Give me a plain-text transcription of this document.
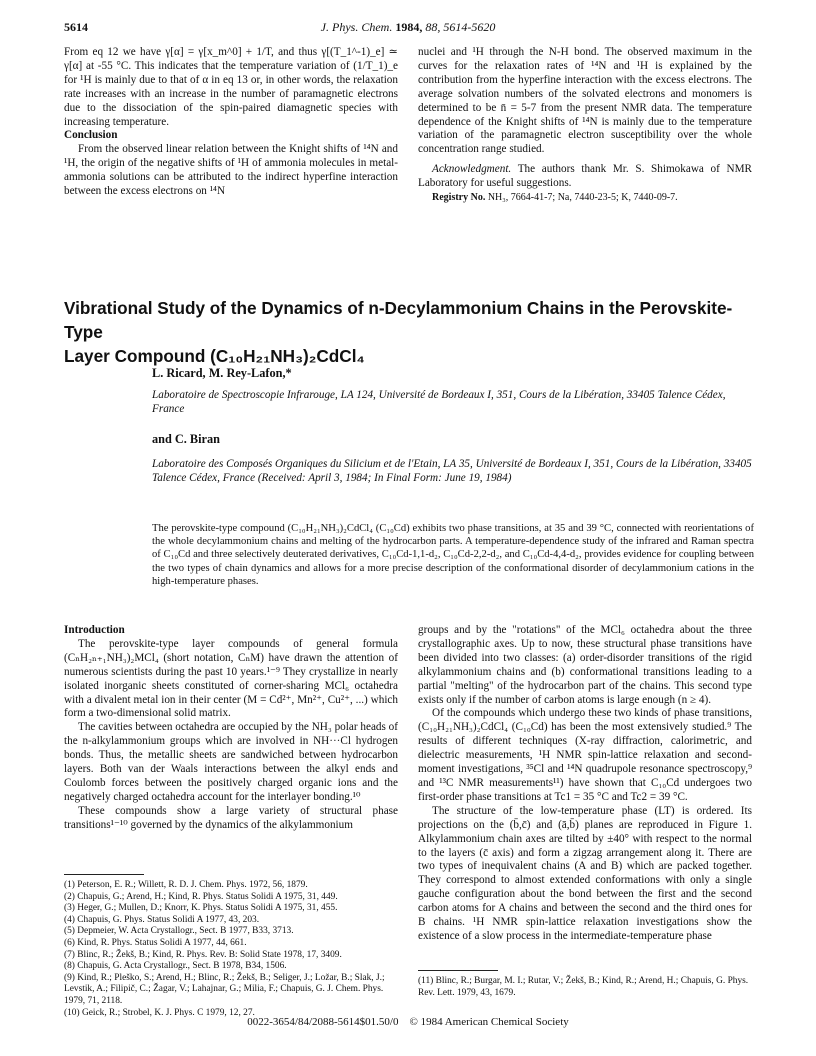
5614	J. Phys. Chem. 1984, 88, 5614-5620

From eq 12 we have γ[α] = γ[x_m^0] + 1/T, and thus γ[(T_1^-1)_e] ≃ γ[α] at -55 °C. This indicates that the temperature variation of (1/T_1)_e for ¹H is mainly due to that of α in eq 13 or, in other words, the relaxation rate increases with an increase in the number of paramagnetic electrons due to the dissociation of the spin-paired diamagnetic species with increasing temperature.

Conclusion

From the observed linear relation between the Knight shifts of ¹⁴N and ¹H, the origin of the negative shifts of ¹H of ammonia molecules in metal-ammonia solutions can be attributed to the indirect hyperfine interaction between the excess electrons on ¹⁴N

nuclei and ¹H through the N-H bond. The observed maximum in the curves for the relaxation rates of ¹⁴N and ¹H is explained by the contribution from the hyperfine interaction with the excess electrons. The average solvation numbers of the solvated electrons and monomers is determined to be n̄ = 5-7 from the present NMR data. The temperature dependence of the Knight shifts of ¹⁴N is mainly due to the temperature variation of the paramagnetic electron susceptibility over the whole concentration range studied.

Acknowledgment. The authors thank Mr. S. Shimokawa of NMR Laboratory for useful suggestions.

Registry No. NH₃, 7664-41-7; Na, 7440-23-5; K, 7440-09-7.

Vibrational Study of the Dynamics of n-Decylammonium Chains in the Perovskite-Type
Layer Compound (C₁₀H₂₁NH₃)₂CdCl₄
L. Ricard, M. Rey-Lafon,*
Laboratoire de Spectroscopie Infrarouge, LA 124, Université de Bordeaux I, 351, Cours de la Libération, 33405 Talence Cédex, France
and C. Biran
Laboratoire des Composés Organiques du Silicium et de l'Etain, LA 35, Université de Bordeaux I, 351, Cours de la Libération, 33405 Talence Cédex, France (Received: April 3, 1984; In Final Form: June 19, 1984)
The perovskite-type compound (C₁₀H₂₁NH₃)₂CdCl₄ (C₁₀Cd) exhibits two phase transitions, at 35 and 39 °C, connected with reorientations of the whole decylammonium chains and melting of the hydrocarbon parts. A temperature-dependence study of the infrared and Raman spectra of C₁₀Cd and three selectively deuterated derivatives, C₁₀Cd-1,1-d₂, C₁₀Cd-2,2-d₂, and C₁₀Cd-4,4-d₂, provides evidence for coupling between the two types of chain dynamics and allows for a more precise description of the conformational disorder of decylammonium cations in the high-temperature phases.

Introduction

The perovskite-type layer compounds of general formula (CₙH₂ₙ₊₁NH₃)₂MCl₄ (short notation, CₙM) have drawn the attention of numerous scientists during the past 10 years.¹⁻⁹ They crystallize in nearly isolated inorganic sheets constituted of corner-sharing MCl₆ octahedra with a divalent metal ion in their center (M = Cd²⁺, Mn²⁺, Cu²⁺, ...) which form a two-dimensional solid matrix.

The cavities between octahedra are occupied by the NH₃ polar heads of the n-alkylammonium groups which are involved in NH···Cl hydrogen bonds. Thus, the metallic sheets are sandwiched between hydrocarbon layers. Both van der Waals interactions between the alkyl ends and Coulomb forces between the positively charged organic ions and the negatively charged octahedra account for the interlayer bonding.¹⁰

These compounds show a large variety of structural phase transitions¹⁻¹⁰ governed by the dynamics of the alkylammonium

groups and by the "rotations" of the MCl₆ octahedra about the three crystallographic axes. Up to now, these structural phase transitions have been divided into two classes: (a) order-disorder transitions of the rigid alkylammonium chains and (b) conformational transitions leading to a partial "melting" of the hydrocarbon part of the chains. This second type exists only if the number of carbon atoms is large enough (n ≥ 4).

Of the compounds which undergo these two kinds of phase transitions, (C₁₀H₂₁NH₃)₂CdCl₄ (C₁₀Cd) has been the most extensively studied.⁹ The results of different techniques (X-ray diffraction, calorimetric, and dielectric measurements, ¹H NMR spin-lattice relaxation and second-moment investigations, ³⁵Cl and ¹⁴N quadrupole resonance spectroscopy,⁹ and ¹³C NMR measurements¹¹) have shown that C₁₀Cd undergoes two first-order phase transitions at Tc1 = 35 °C and Tc2 = 39 °C.

The structure of the low-temperature phase (LT) is ordered. Its projections on the (b̄,c̄) and (ā,b̄) planes are reproduced in Figure 1. Alkylammonium chain axes are tilted by ±40° with respect to the normal to the layers (c̄ axis) and form a zigzag arrangement along it. There are two types of inequivalent chains (A and B) which are packed together. They correspond to almost extended conformations with only a single gauche configuration about the bond between the first and the second carbon atoms for A chains and between the second and the third ones for B chains. ¹H NMR spin-lattice relaxation investigations show the existence of a slow process in the intermediate-temperature phase

(1) Peterson, E. R.; Willett, R. D. J. Chem. Phys. 1972, 56, 1879.

(2) Chapuis, G.; Arend, H.; Kind, R. Phys. Status Solidi A 1975, 31, 449.

(3) Heger, G.; Mullen, D.; Knorr, K. Phys. Status Solidi A 1975, 31, 455.

(4) Chapuis, G. Phys. Status Solidi A 1977, 43, 203.

(5) Depmeier, W. Acta Crystallogr., Sect. B 1977, B33, 3713.

(6) Kind, R. Phys. Status Solidi A 1977, 44, 661.

(7) Blinc, R.; Žekš, B.; Kind, R. Phys. Rev. B: Solid State 1978, 17, 3409.

(8) Chapuis, G. Acta Crystallogr., Sect. B 1978, B34, 1506.

(9) Kind, R.; Pleško, S.; Arend, H.; Blinc, R.; Žekš, B.; Seliger, J.; Ložar, B.; Slak, J.; Levstik, A.; Filipič, C.; Žagar, V.; Lahajnar, G.; Milia, F.; Chapuis, G. J. Chem. Phys. 1979, 71, 2118.

(10) Geick, R.; Strobel, K. J. Phys. C 1979, 12, 27.

(11) Blinc, R.; Burgar, M. I.; Rutar, V.; Žekš, B.; Kind, R.; Arend, H.; Chapuis, G. Phys. Rev. Lett. 1979, 43, 1679.

0022-3654/84/2088-5614$01.50/0 © 1984 American Chemical Society
